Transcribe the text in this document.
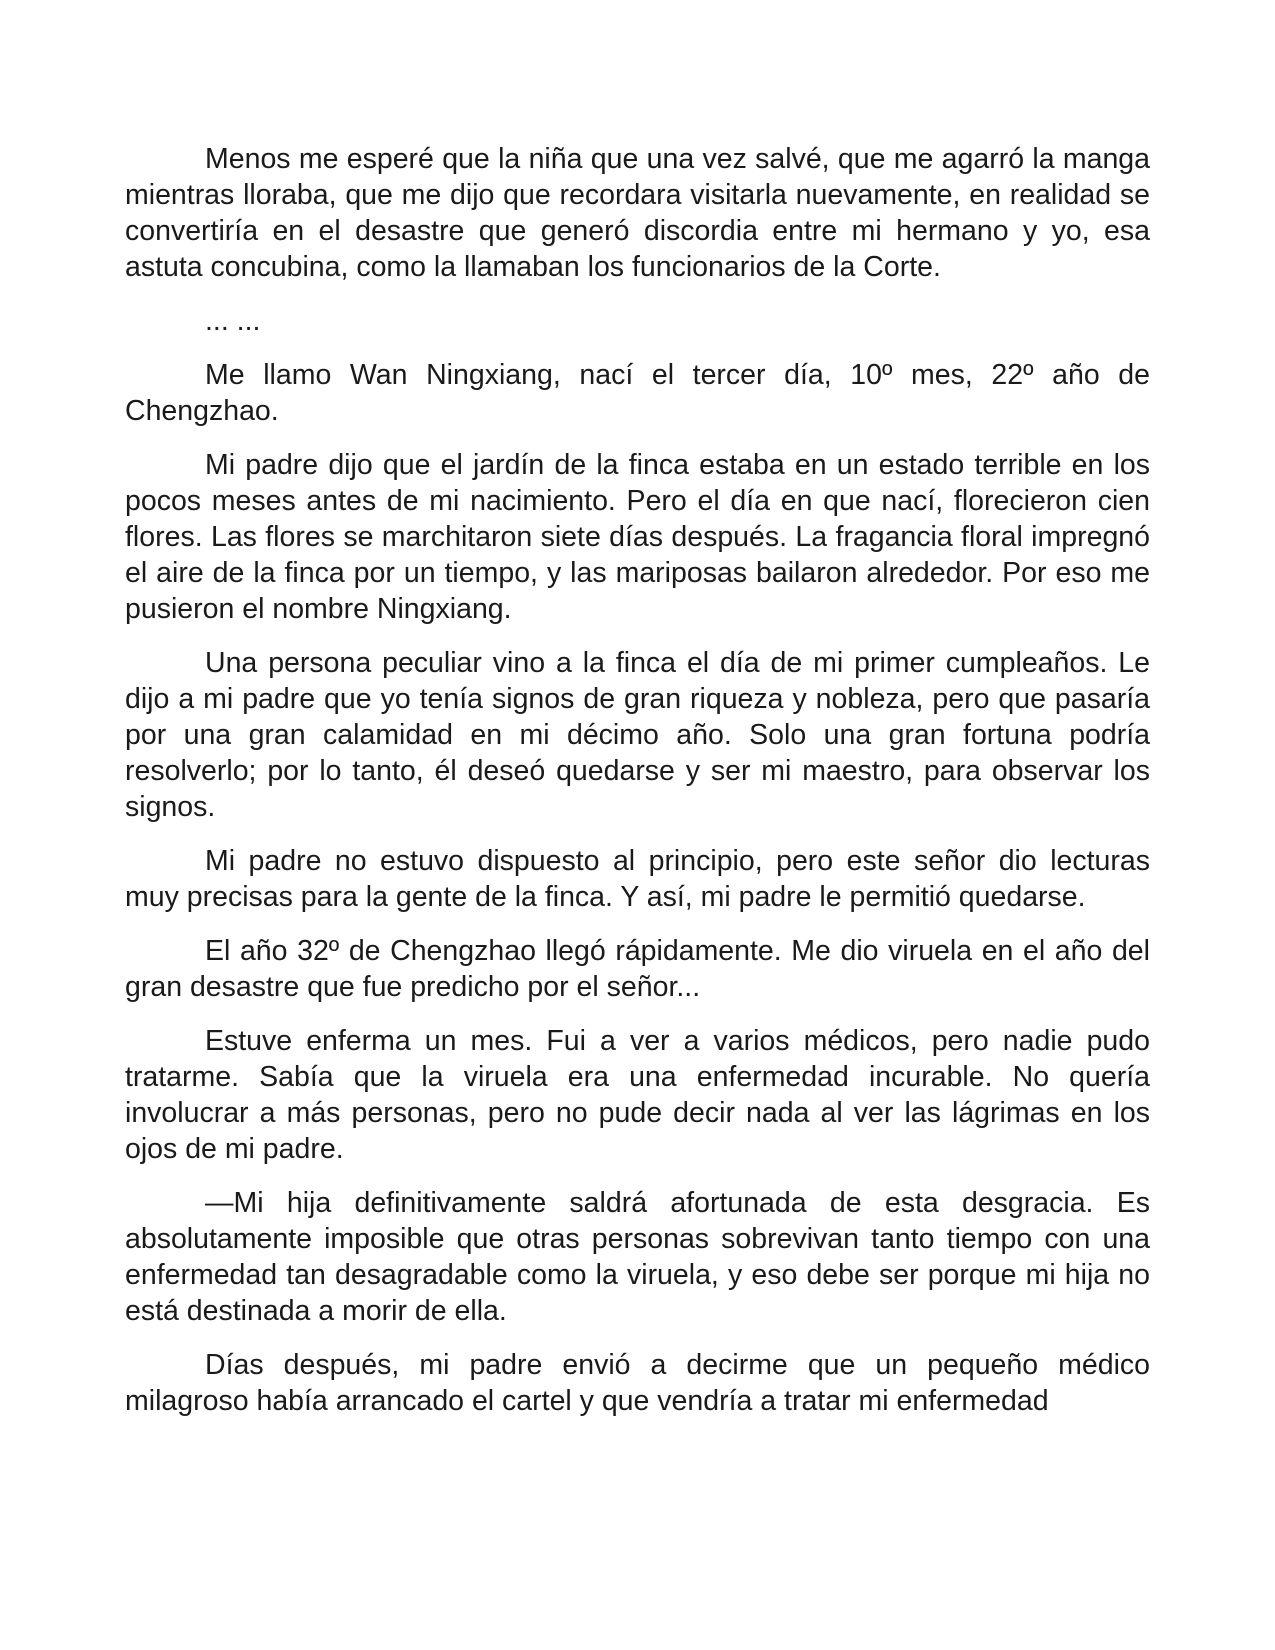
Menos me esperé que la niña que una vez salvé, que me agarró la manga mientras lloraba, que me dijo que recordara visitarla nuevamente, en realidad se convertiría en el desastre que generó discordia entre mi hermano y yo, esa astuta concubina, como la llamaban los funcionarios de la Corte.

... ...

Me llamo Wan Ningxiang, nací el tercer día, 10º mes, 22º año de Chengzhao.

Mi padre dijo que el jardín de la finca estaba en un estado terrible en los pocos meses antes de mi nacimiento. Pero el día en que nací, florecieron cien flores. Las flores se marchitaron siete días después. La fragancia floral impregnó el aire de la finca por un tiempo, y las mariposas bailaron alrededor. Por eso me pusieron el nombre Ningxiang.

Una persona peculiar vino a la finca el día de mi primer cumpleaños. Le dijo a mi padre que yo tenía signos de gran riqueza y nobleza, pero que pasaría por una gran calamidad en mi décimo año. Solo una gran fortuna podría resolverlo; por lo tanto, él deseó quedarse y ser mi maestro, para observar los signos.

Mi padre no estuvo dispuesto al principio, pero este señor dio lecturas muy precisas para la gente de la finca. Y así, mi padre le permitió quedarse.

El año 32º de Chengzhao llegó rápidamente. Me dio viruela en el año del gran desastre que fue predicho por el señor...

Estuve enferma un mes. Fui a ver a varios médicos, pero nadie pudo tratarme. Sabía que la viruela era una enfermedad incurable. No quería involucrar a más personas, pero no pude decir nada al ver las lágrimas en los ojos de mi padre.

—Mi hija definitivamente saldrá afortunada de esta desgracia. Es absolutamente imposible que otras personas sobrevivan tanto tiempo con una enfermedad tan desagradable como la viruela, y eso debe ser porque mi hija no está destinada a morir de ella.

Días después, mi padre envió a decirme que un pequeño médico milagroso había arrancado el cartel y que vendría a tratar mi enfermedad
